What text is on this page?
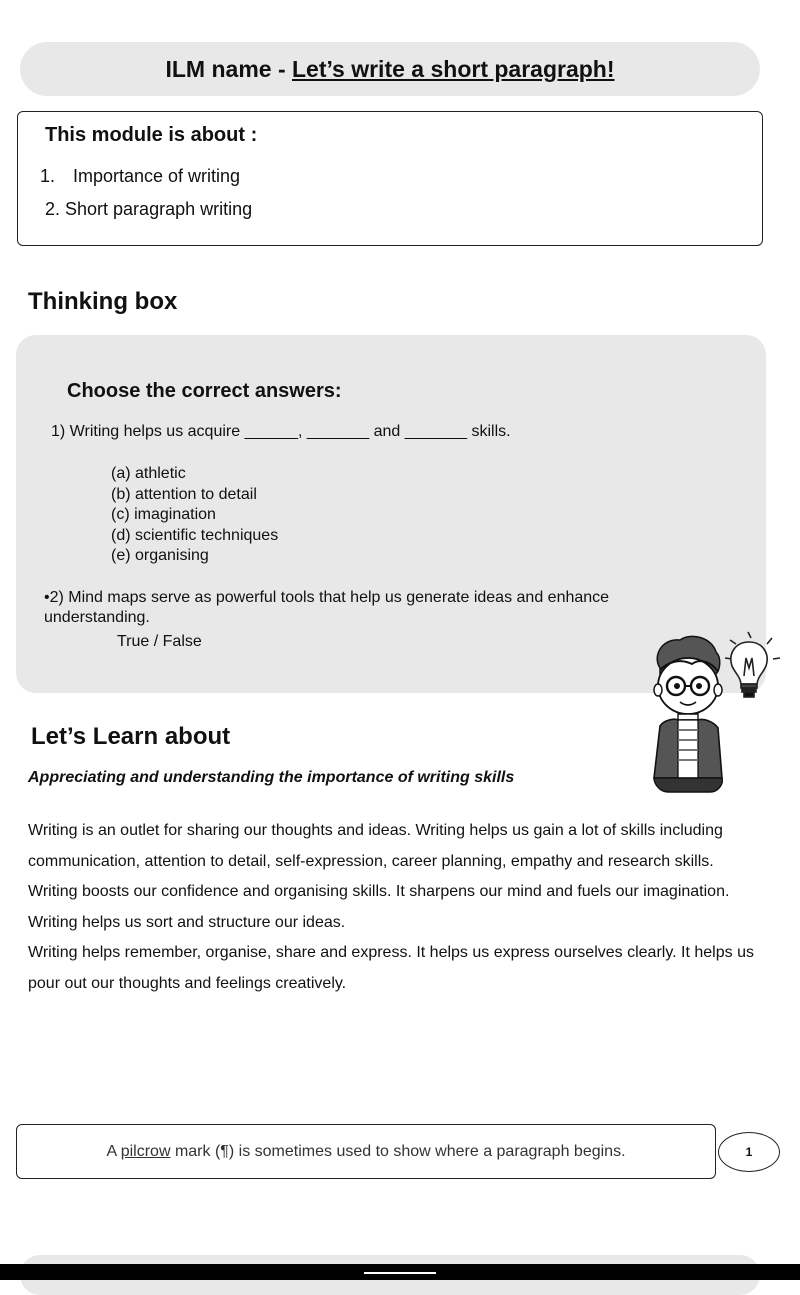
ILM name - Let’s write a short paragraph!
This module is about :
1. Importance of writing
2. Short paragraph writing
Thinking box
Choose the correct answers:
1) Writing helps us acquire ______, _______ and _______ skills.
(a) athletic
(b) attention to detail
(c) imagination
(d) scientific techniques
(e) organising
•2) Mind maps serve as powerful tools that help us generate ideas and enhance understanding.
True / False
Let’s Learn about
Appreciating and understanding the importance of writing skills

Writing is an outlet for sharing our thoughts and ideas. Writing helps us gain a lot of skills including communication, attention to detail, self-expression, career planning, empathy and research skills.

Writing boosts our confidence and organising skills. It sharpens our mind and fuels our imagination.

Writing helps us sort and structure our ideas.

Writing helps remember, organise, share and express. It helps us express ourselves clearly. It helps us pour out our thoughts and feelings creatively.

A pilcrow mark (¶) is sometimes used to show where a paragraph begins.	1
